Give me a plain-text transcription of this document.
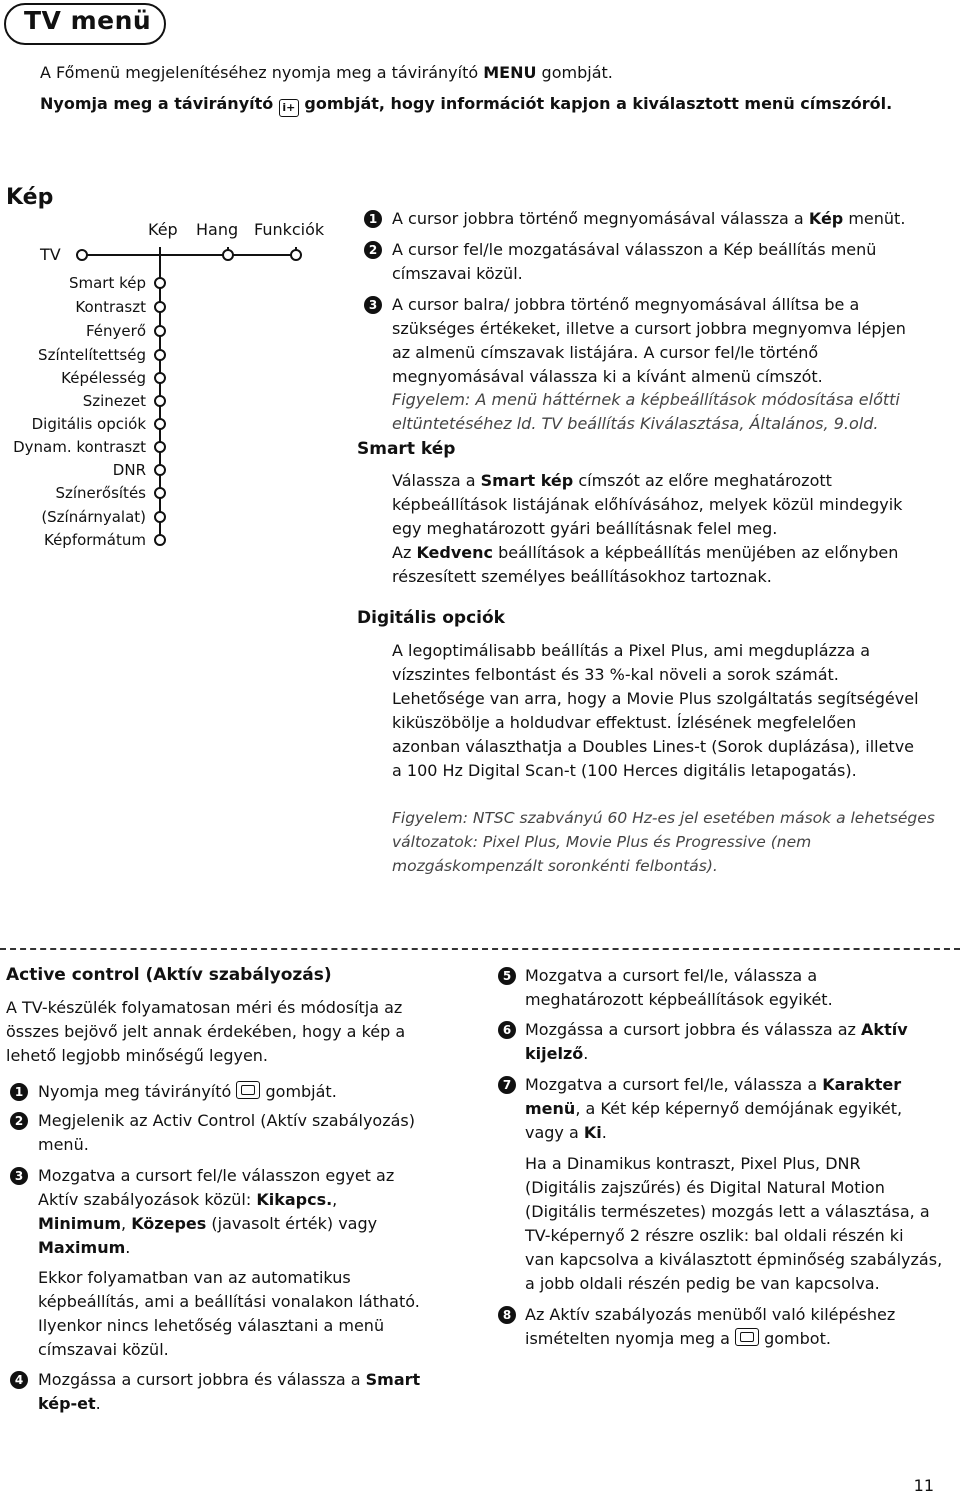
TV menü
A Főmenü megjelenítéséhez nyomja meg a távirányító MENU gombját.
Nyomja meg a távirányító i+ gombját, hogy információt kapjon a kiválasztott menü címszóról.
Kép
Kép Hang Funkciók
TV
Smart kép
Kontraszt
Fényerő
Színtelítettség
Képélesség
Szinezet
Digitális opciók
Dynam. kontraszt
DNR
Színerősítés
(Színárnyalat)
Képformátum
1 A cursor jobbra történő megnyomásával válassza a Kép menüt.
2 A cursor fel/le mozgatásával válasszon a Kép beállítás menü
címszavai közül.
3 A cursor balra/ jobbra történő megnyomásával állítsa be a
szükséges értékeket, illetve a cursort jobbra megnyomva lépjen
az almenü címszavak listájára. A cursor fel/le történő
megnyomásával válassza ki a kívánt almenü címszót.
Figyelem: A menü háttérnek a képbeállítások módosítása előtti
eltüntetéséhez ld. TV beállítás Kiválasztása, Általános, 9.old.
Smart kép
Válassza a Smart kép címszót az előre meghatározott
képbeállítások listájának előhívásához, melyek közül mindegyik
egy meghatározott gyári beállításnak felel meg.
Az Kedvenc beállítások a képbeállítás menüjében az előnyben
részesített személyes beállításokhoz tartoznak.
Digitális opciók
A legoptimálisabb beállítás a Pixel Plus, ami megduplázza a
vízszintes felbontást és 33 %-kal növeli a sorok számát.
Lehetősége van arra, hogy a Movie Plus szolgáltatás segítségével
kiküszöbölje a holdudvar effektust. Ízlésének megfelelően
azonban választhatja a Doubles Lines-t (Sorok duplázása), illetve
a 100 Hz Digital Scan-t (100 Herces digitális letapogatás).
Figyelem: NTSC szabványú 60 Hz-es jel esetében mások a lehetséges
változatok: Pixel Plus, Movie Plus és Progressive (nem
mozgáskompenzált soronkénti felbontás).
Active control (Aktív szabályozás)
A TV-készülék folyamatosan méri és módosítja az
összes bejövő jelt annak érdekében, hogy a kép a
lehető legjobb minőségű legyen.
1 Nyomja meg távirányító  gombját.
2 Megjelenik az Activ Control (Aktív szabályozás)
menü.
3 Mozgatva a cursort fel/le válasszon egyet az
Aktív szabályozások közül: Kikapcs.,
Minimum, Közepes (javasolt érték) vagy
Maximum.
Ekkor folyamatban van az automatikus
képbeállítás, ami a beállítási vonalakon látható.
Ilyenkor nincs lehetőség választani a menü
címszavai közül.
4 Mozgássa a cursort jobbra és válassza a Smart
kép-et.
5 Mozgatva a cursort fel/le, válassza a
meghatározott képbeállítások egyikét.
6 Mozgássa a cursort jobbra és válassza az Aktív
kijelző.
7 Mozgatva a cursort fel/le, válassza a Karakter
menü, a Két kép képernyő demójának egyikét,
vagy a Ki.
Ha a Dinamikus kontraszt, Pixel Plus, DNR
(Digitális zajszűrés) és Digital Natural Motion
(Digitális természetes) mozgás lett a választása, a
TV-képernyő 2 részre oszlik: bal oldali részén ki
van kapcsolva a kiválasztott épminőség szabályzás,
a jobb oldali részén pedig be van kapcsolva.
8 Az Aktív szabályozás menüből való kilépéshez
ismételten nyomja meg a  gombot.
11
